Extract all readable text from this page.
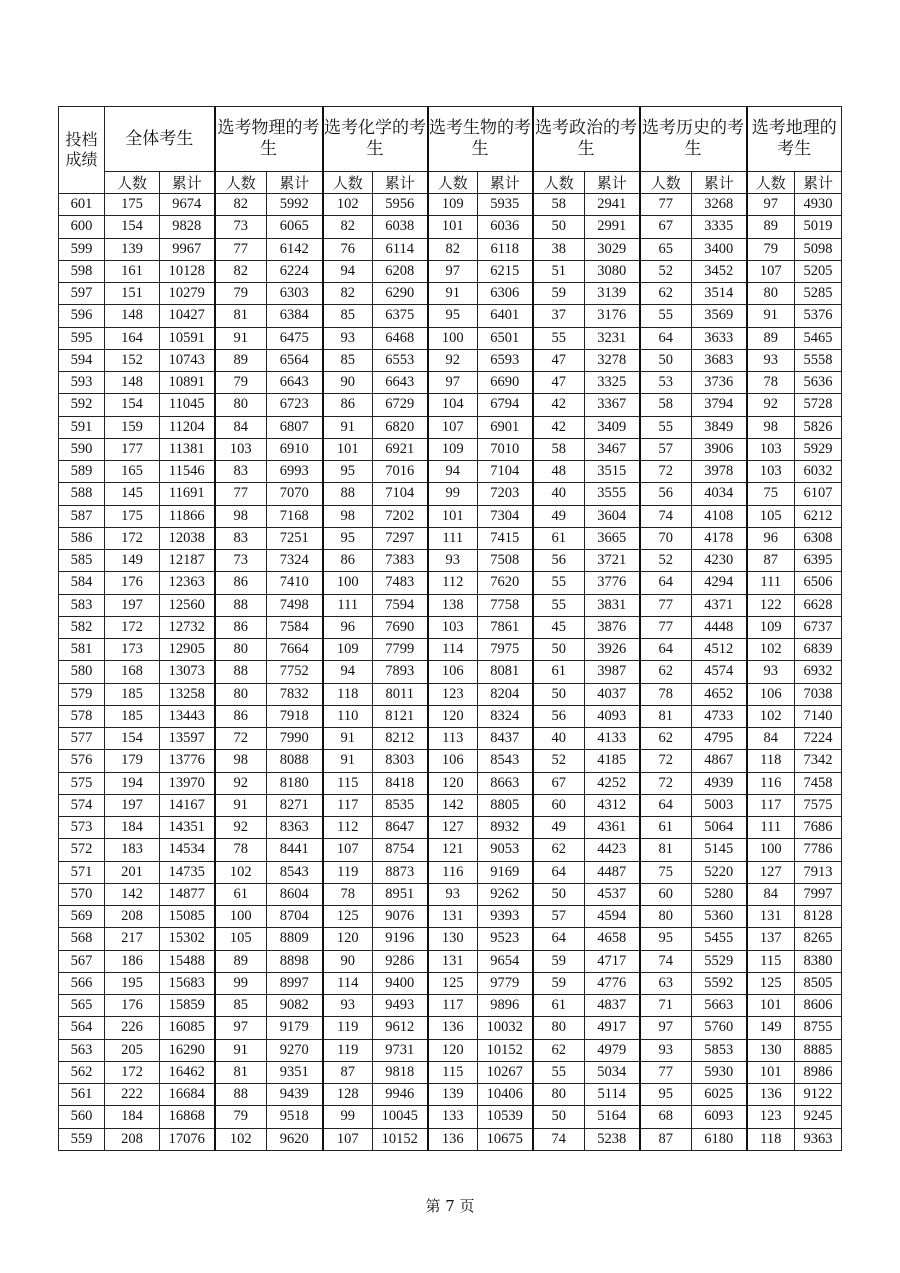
投档成绩	全体考生		选考物理的考生		选考化学的考生		选考生物的考生		选考政治的考生		选考历史的考生		选考地理的考生	
	人数	累计	人数	累计	人数	累计	人数	累计	人数	累计	人数	累计	人数	累计
601	175	9674	82	5992	102	5956	109	5935	58	2941	77	3268	97	4930
600	154	9828	73	6065	82	6038	101	6036	50	2991	67	3335	89	5019
599	139	9967	77	6142	76	6114	82	6118	38	3029	65	3400	79	5098
598	161	10128	82	6224	94	6208	97	6215	51	3080	52	3452	107	5205
597	151	10279	79	6303	82	6290	91	6306	59	3139	62	3514	80	5285
596	148	10427	81	6384	85	6375	95	6401	37	3176	55	3569	91	5376
595	164	10591	91	6475	93	6468	100	6501	55	3231	64	3633	89	5465
594	152	10743	89	6564	85	6553	92	6593	47	3278	50	3683	93	5558
593	148	10891	79	6643	90	6643	97	6690	47	3325	53	3736	78	5636
592	154	11045	80	6723	86	6729	104	6794	42	3367	58	3794	92	5728
591	159	11204	84	6807	91	6820	107	6901	42	3409	55	3849	98	5826
590	177	11381	103	6910	101	6921	109	7010	58	3467	57	3906	103	5929
589	165	11546	83	6993	95	7016	94	7104	48	3515	72	3978	103	6032
588	145	11691	77	7070	88	7104	99	7203	40	3555	56	4034	75	6107
587	175	11866	98	7168	98	7202	101	7304	49	3604	74	4108	105	6212
586	172	12038	83	7251	95	7297	111	7415	61	3665	70	4178	96	6308
585	149	12187	73	7324	86	7383	93	7508	56	3721	52	4230	87	6395
584	176	12363	86	7410	100	7483	112	7620	55	3776	64	4294	111	6506
583	197	12560	88	7498	111	7594	138	7758	55	3831	77	4371	122	6628
582	172	12732	86	7584	96	7690	103	7861	45	3876	77	4448	109	6737
581	173	12905	80	7664	109	7799	114	7975	50	3926	64	4512	102	6839
580	168	13073	88	7752	94	7893	106	8081	61	3987	62	4574	93	6932
579	185	13258	80	7832	118	8011	123	8204	50	4037	78	4652	106	7038
578	185	13443	86	7918	110	8121	120	8324	56	4093	81	4733	102	7140
577	154	13597	72	7990	91	8212	113	8437	40	4133	62	4795	84	7224
576	179	13776	98	8088	91	8303	106	8543	52	4185	72	4867	118	7342
575	194	13970	92	8180	115	8418	120	8663	67	4252	72	4939	116	7458
574	197	14167	91	8271	117	8535	142	8805	60	4312	64	5003	117	7575
573	184	14351	92	8363	112	8647	127	8932	49	4361	61	5064	111	7686
572	183	14534	78	8441	107	8754	121	9053	62	4423	81	5145	100	7786
571	201	14735	102	8543	119	8873	116	9169	64	4487	75	5220	127	7913
570	142	14877	61	8604	78	8951	93	9262	50	4537	60	5280	84	7997
569	208	15085	100	8704	125	9076	131	9393	57	4594	80	5360	131	8128
568	217	15302	105	8809	120	9196	130	9523	64	4658	95	5455	137	8265
567	186	15488	89	8898	90	9286	131	9654	59	4717	74	5529	115	8380
566	195	15683	99	8997	114	9400	125	9779	59	4776	63	5592	125	8505
565	176	15859	85	9082	93	9493	117	9896	61	4837	71	5663	101	8606
564	226	16085	97	9179	119	9612	136	10032	80	4917	97	5760	149	8755
563	205	16290	91	9270	119	9731	120	10152	62	4979	93	5853	130	8885
562	172	16462	81	9351	87	9818	115	10267	55	5034	77	5930	101	8986
561	222	16684	88	9439	128	9946	139	10406	80	5114	95	6025	136	9122
560	184	16868	79	9518	99	10045	133	10539	50	5164	68	6093	123	9245
559	208	17076	102	9620	107	10152	136	10675	74	5238	87	6180	118	9363
第 7 页
